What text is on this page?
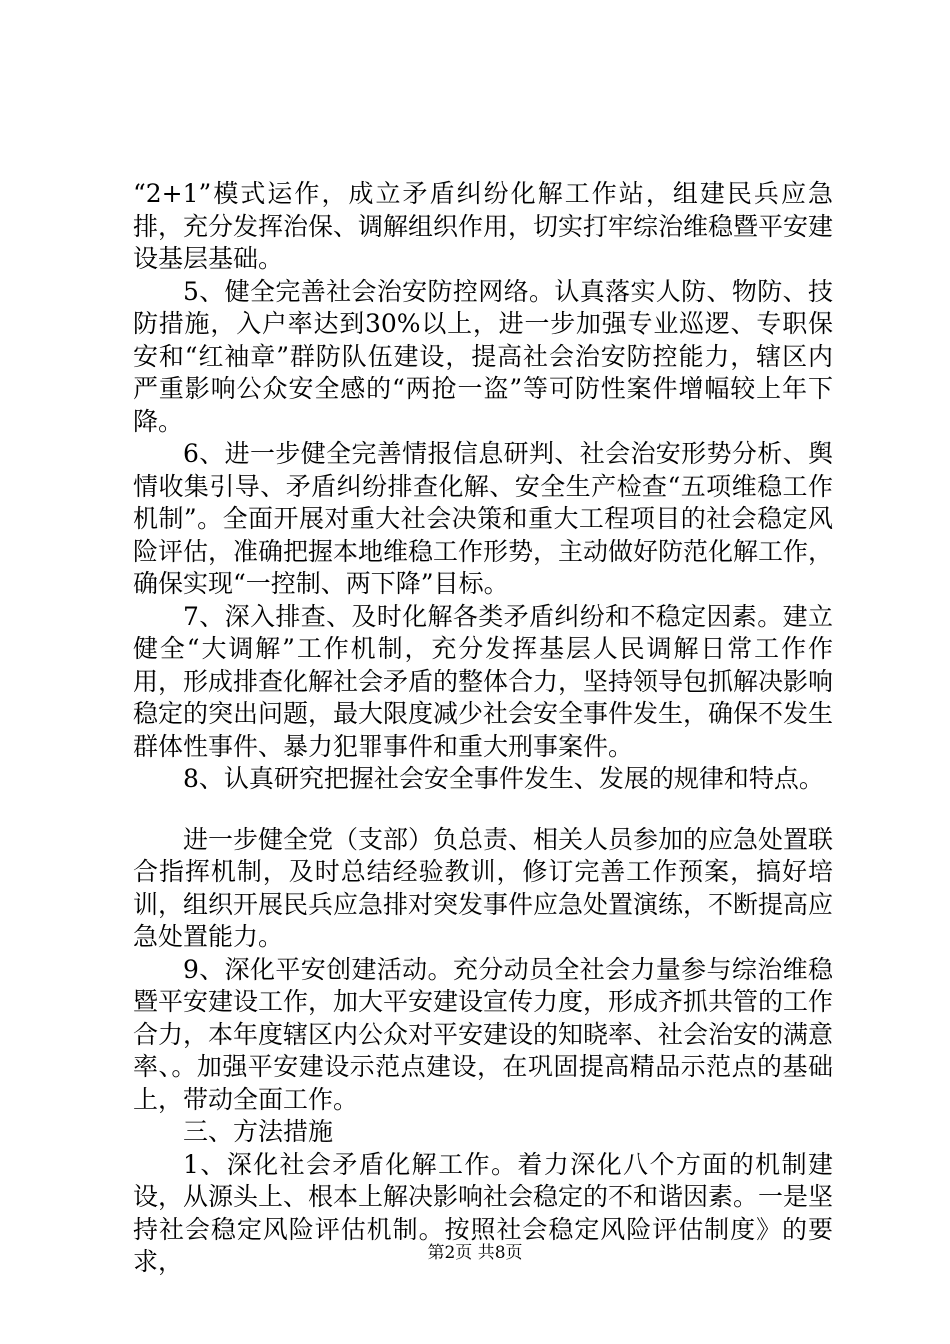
“2+1”模式运作，成立矛盾纠纷化解工作站，组建民兵应急排，充分发挥治保、调解组织作用，切实打牢综治维稳暨平安建设基层基础。

5、健全完善社会治安防控网络。认真落实人防、物防、技防措施，入户率达到30%以上，进一步加强专业巡逻、专职保安和“红袖章”群防队伍建设，提高社会治安防控能力，辖区内严重影响公众安全感的“两抢一盗”等可防性案件增幅较上年下降。

6、进一步健全完善情报信息研判、社会治安形势分析、舆情收集引导、矛盾纠纷排查化解、安全生产检查“五项维稳工作机制”。全面开展对重大社会决策和重大工程项目的社会稳定风险评估，准确把握本地维稳工作形势，主动做好防范化解工作，确保实现“一控制、两下降”目标。

7、深入排查、及时化解各类矛盾纠纷和不稳定因素。建立健全“大调解”工作机制，充分发挥基层人民调解日常工作作用，形成排查化解社会矛盾的整体合力，坚持领导包抓解决影响稳定的突出问题，最大限度减少社会安全事件发生，确保不发生群体性事件、暴力犯罪事件和重大刑事案件。

8、认真研究把握社会安全事件发生、发展的规律和特点。

进一步健全党（支部）负总责、相关人员参加的应急处置联合指挥机制，及时总结经验教训，修订完善工作预案，搞好培训，组织开展民兵应急排对突发事件应急处置演练，不断提高应急处置能力。

9、深化平安创建活动。充分动员全社会力量参与综治维稳暨平安建设工作，加大平安建设宣传力度，形成齐抓共管的工作合力，本年度辖区内公众对平安建设的知晓率、社会治安的满意率、。加强平安建设示范点建设，在巩固提高精品示范点的基础上，带动全面工作。

三、方法措施

1、深化社会矛盾化解工作。着力深化八个方面的机制建设，从源头上、根本上解决影响社会稳定的不和谐因素。一是坚持社会稳定风险评估机制。按照社会稳定风险评估制度》的要求，	第2页 共8页
